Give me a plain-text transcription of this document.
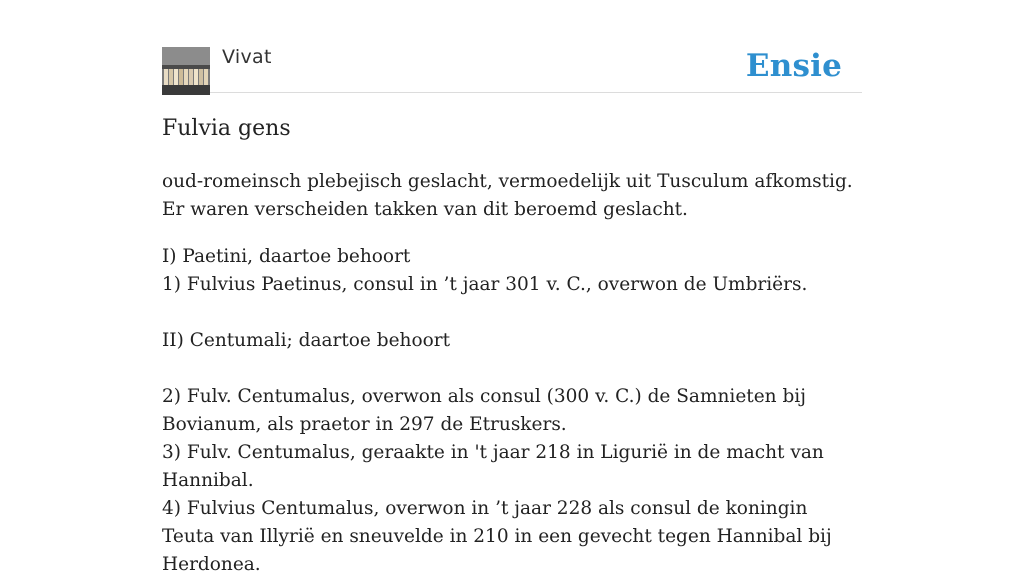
Vivat	Ensie
Fulvia gens

oud-romeinsch plebejisch geslacht, vermoedelijk uit Tusculum afkomstig. Er waren verscheiden takken van dit beroemd geslacht.

I) Paetini, daartoe behoort

1) Fulvius Paetinus, consul in ’t jaar 301 v. C., overwon de Umbriërs.

II) Centumali; daartoe behoort

2) Fulv. Centumalus, overwon als consul (300 v. C.) de Samnieten bij Bovianum, als praetor in 297 de Etruskers.

3) Fulv. Centumalus, geraakte in 't jaar 218 in Ligurië in de macht van Hannibal.

4) Fulvius Centumalus, overwon in ’t jaar 228 als consul de koningin Teuta van Illyrië en sneuvelde in 210 in een gevecht tegen Hannibal bij Herdonea.
